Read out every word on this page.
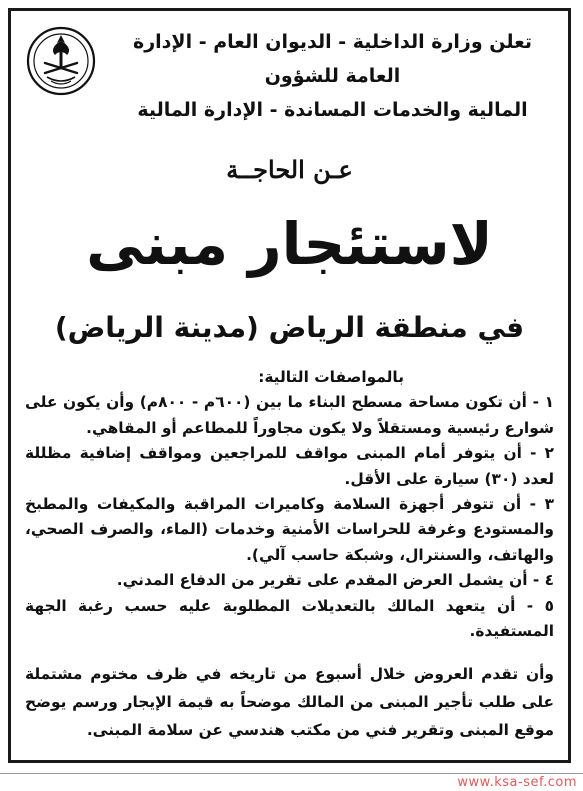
تعلن وزارة الداخلية - الديوان العام - الإدارة العامة للشؤون
المالية والخدمات المساندة - الإدارة المالية
عـن الحاجــة
لاستئجار مبنى
في منطقة الرياض (مدينة الرياض)

بالمواصفات التالية:

١ - أن تكون مساحة مسطح البناء ما بين (٦٠٠م - ٨٠٠م) وأن يكون على شوارع رئيسية ومستقلاً ولا يكون مجاوراً للمطاعم أو المقاهي.

٢ - أن يتوفر أمام المبنى مواقف للمراجعين ومواقف إضافية مظللة لعدد (٣٠) سيارة على الأقل.

٣ - أن تتوفر أجهزة السلامة وكاميرات المراقبة والمكيفات والمطبخ والمستودع وغرفة للحراسات الأمنية وخدمات (الماء، والصرف الصحي، والهاتف، والسنترال، وشبكة حاسب آلي).

٤ - أن يشمل العرض المقدم على تقرير من الدفاع المدني.

٥ - أن يتعهد المالك بالتعديلات المطلوبة عليه حسب رغبة الجهة المستفيدة.

وأن تقدم العروض خلال أسبوع من تاريخه في ظرف مختوم مشتملة على طلب تأجير المبنى من المالك موضحاً به قيمة الإيجار ورسم يوضح موقع المبنى وتقرير فني من مكتب هندسي عن سلامة المبنى.

www.ksa-sef.com
